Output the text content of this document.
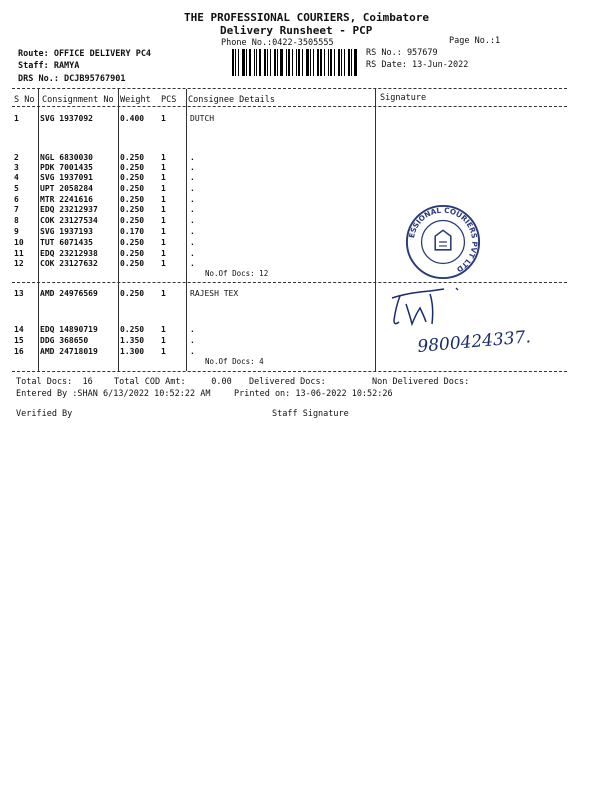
THE PROFESSIONAL COURIERS, Coimbatore
Delivery Runsheet - PCP
Phone No.:0422-3505555	Page No.:1
Route: OFFICE DELIVERY PC4
Staff: RAMYA
DRS No.: DCJB95767901
RS No.: 957679
RS Date: 13-Jun-2022
S No Consignment No Weight PCS Consignee Details	Signature
1	SVG 1937092	0.400 1	DUTCH
2	NGL 6830030	0.250 1	.
3	PDK 7001435	0.250 1	.
4	SVG 1937091	0.250 1	.
5	UPT 2058284	0.250 1	.
6	MTR 2241616	0.250 1	.
7	EDQ 23212937	0.250 1	.
8	COK 23127534	0.250 1	.
9	SVG 1937193	0.170 1	.
10 TUT 6071435	0.250 1	.
11 EDQ 23212938	0.250 1	.
12 COK 23127632	0.250 1	.
No.Of Docs: 12
13 AMD 24976569	0.250 1	RAJESH TEX
14 EDQ 14890719	0.250 1	.
15 DDG 368650	1.350 1	.
16 AMD 24718019	1.300 1	.
No.Of Docs: 4
Total Docs:  16 Total COD Amt:     0.00 Delivered Docs:	Non Delivered Docs:
Entered By :SHAN 6/13/2022 10:52:22 AM	Printed on: 13-06-2022 10:52:26
Verified By	Staff Signature
ESSIONAL COURIERS PVT LTD
9800424337.
